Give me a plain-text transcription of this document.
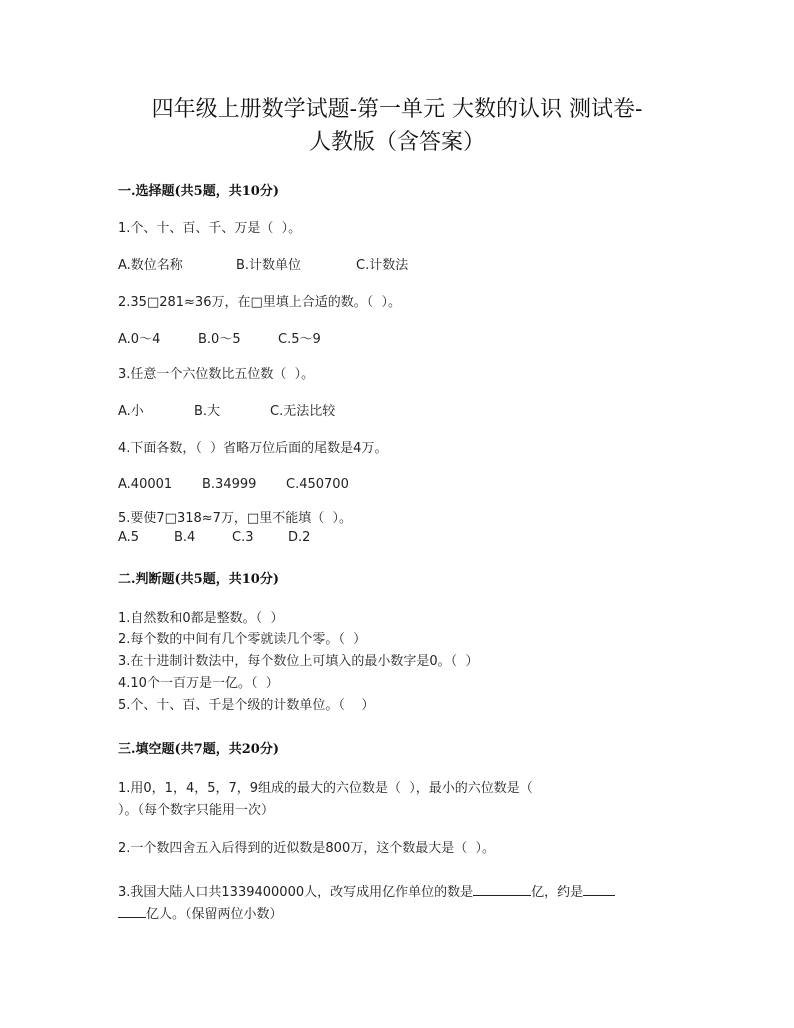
四年级上册数学试题-第一单元 大数的认识 测试卷-
人教版（含答案）
一.选择题(共5题，共10分)

1.个、十、百、千、万是（  ）。

A.数位名称	B.计数单位	C.计数法

2.35□281≈36万，在□里填上合适的数。（  ）。

A.0～4	B.0～5	C.5～9

3.任意一个六位数比五位数（  ）。

A.小	B.大	C.无法比较

4.下面各数，（  ）省略万位后面的尾数是4万。

A.40001 B.34999 C.450700

5.要使7□318≈7万，□里不能填（  ）。

A.5	B.4	C.3	D.2
二.判断题(共5题，共10分)

1.自然数和0都是整数。（  ）

2.每个数的中间有几个零就读几个零。（  ）

3.在十进制计数法中，每个数位上可填入的最小数字是0。（  ）

4.10个一百万是一亿。（  ）

5.个、十、百、千是个级的计数单位。（    ）

三.填空题(共7题，共20分)

1.用0，1，4，5，7，9组成的最大的六位数是（  ），最小的六位数是（

）。（每个数字只能用一次）

2.一个数四舍五入后得到的近似数是800万，这个数最大是（  ）。

3.我国大陆人口共1339400000人，改写成用亿作单位的数是	亿，约是

亿人。（保留两位小数）
